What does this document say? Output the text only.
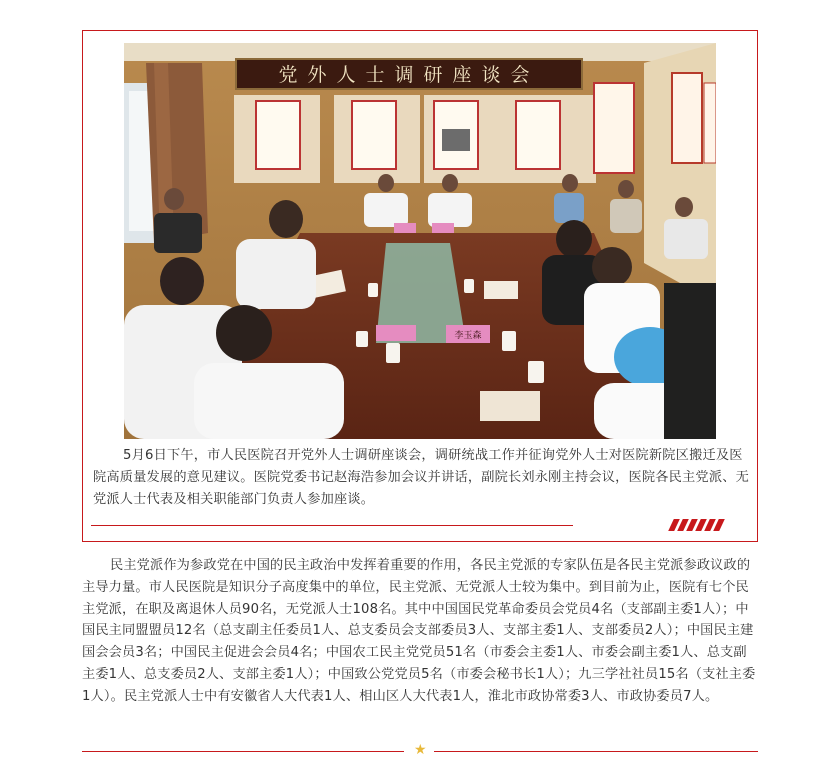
党外人士调研座谈会
李玉森
5月6日下午，市人民医院召开党外人士调研座谈会，调研统战工作并征询党外人士对医院新院区搬迁及医院高质量发展的意见建议。医院党委书记赵海浩参加会议并讲话，副院长刘永刚主持会议，医院各民主党派、无党派人士代表及相关职能部门负责人参加座谈。
民主党派作为参政党在中国的民主政治中发挥着重要的作用，各民主党派的专家队伍是各民主党派参政议政的主导力量。市人民医院是知识分子高度集中的单位，民主党派、无党派人士较为集中。到目前为止，医院有七个民主党派，在职及离退休人员90名，无党派人士108名。其中中国国民党革命委员会党员4名（支部副主委1人）；中国民主同盟盟员12名（总支副主任委员1人、总支委员会支部委员3人、支部主委1人、支部委员2人）；中国民主建国会会员3名；中国民主促进会会员4名；中国农工民主党党员51名（市委会主委1人、市委会副主委1人、总支副主委1人、总支委员2人、支部主委1人）；中国致公党党员5名（市委会秘书长1人）；九三学社社员15名（支社主委1人）。民主党派人士中有安徽省人大代表1人、相山区人大代表1人，淮北市政协常委3人、市政协委员7人。
★
